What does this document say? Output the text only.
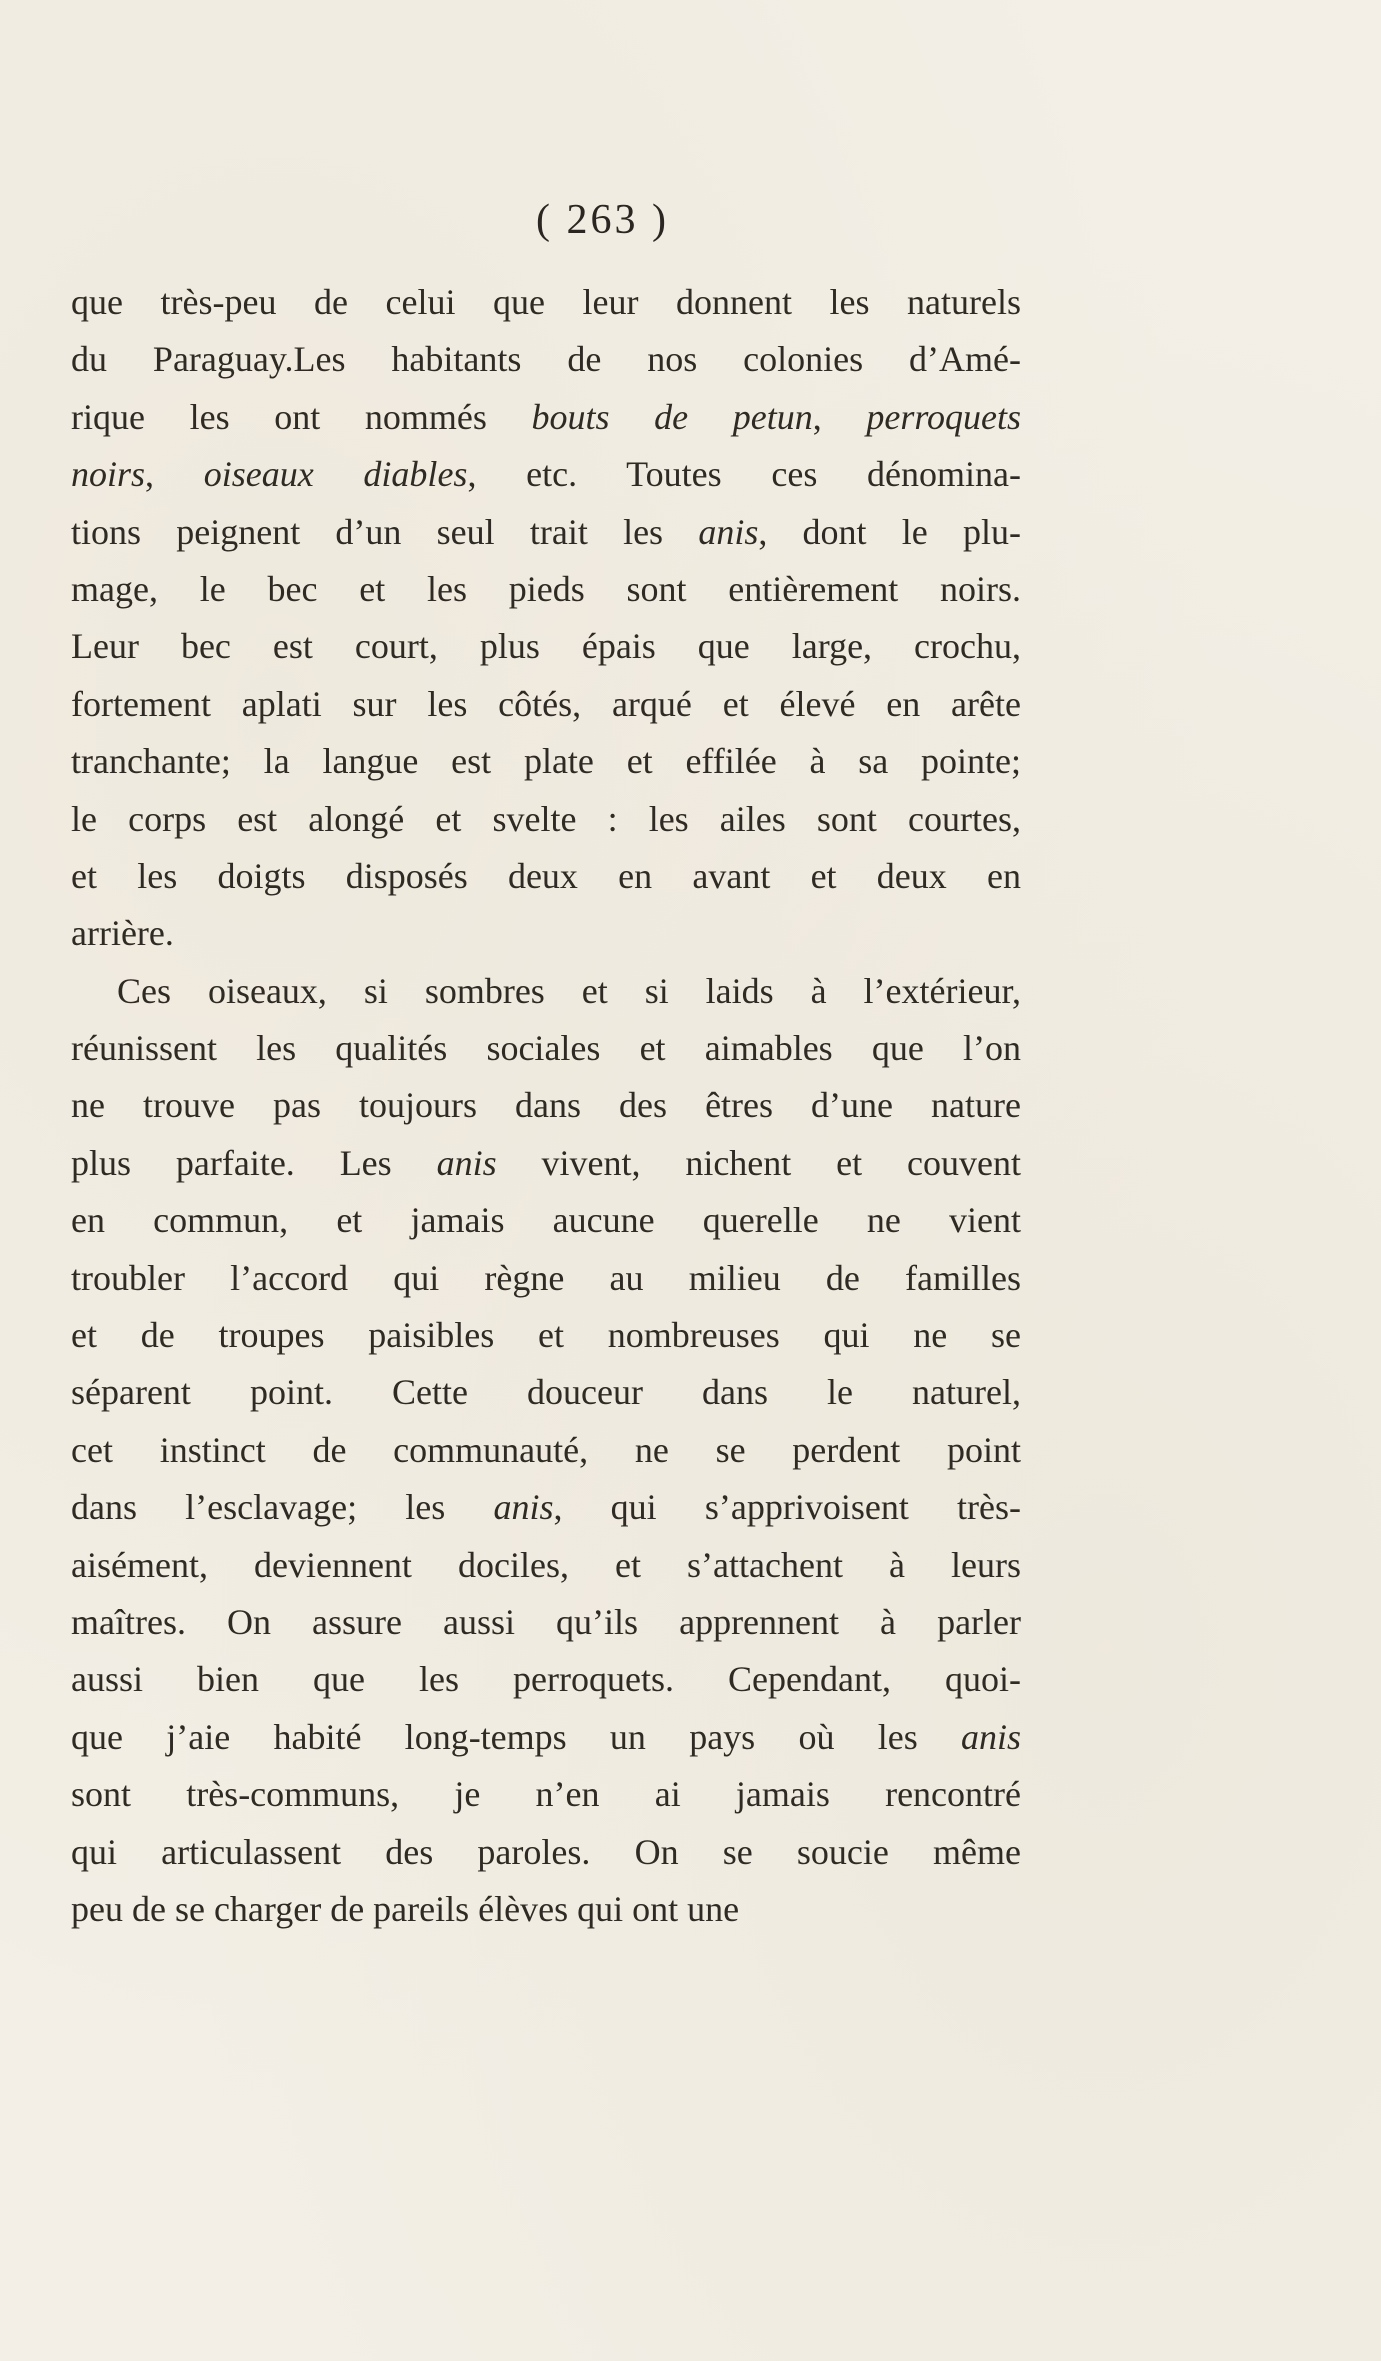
( 263 )
que très-peu de celui que leur donnent les naturels
du Paraguay.Les habitants de nos colonies d’Amé-
rique les ont nommés bouts de petun, perroquets
noirs, oiseaux diables, etc. Toutes ces dénomina-
tions peignent d’un seul trait les anis, dont le plu-
mage, le bec et les pieds sont entièrement noirs.
Leur bec est court, plus épais que large, crochu,
fortement aplati sur les côtés, arqué et élevé en arête
tranchante; la langue est plate et effilée à sa pointe;
le corps est alongé et svelte : les ailes sont courtes,
et les doigts disposés deux en avant et deux en
arrière.
Ces oiseaux, si sombres et si laids à l’extérieur,
réunissent les qualités sociales et aimables que l’on
ne trouve pas toujours dans des êtres d’une nature
plus parfaite. Les anis vivent, nichent et couvent
en commun, et jamais aucune querelle ne vient
troubler l’accord qui règne au milieu de familles
et de troupes paisibles et nombreuses qui ne se
séparent point. Cette douceur dans le naturel,
cet instinct de communauté, ne se perdent point
dans l’esclavage; les anis, qui s’apprivoisent très-
aisément, deviennent dociles, et s’attachent à leurs
maîtres. On assure aussi qu’ils apprennent à parler
aussi bien que les perroquets. Cependant, quoi-
que j’aie habité long-temps un pays où les anis
sont très-communs, je n’en ai jamais rencontré
qui articulassent des paroles. On se soucie même
peu de se charger de pareils élèves qui ont une
